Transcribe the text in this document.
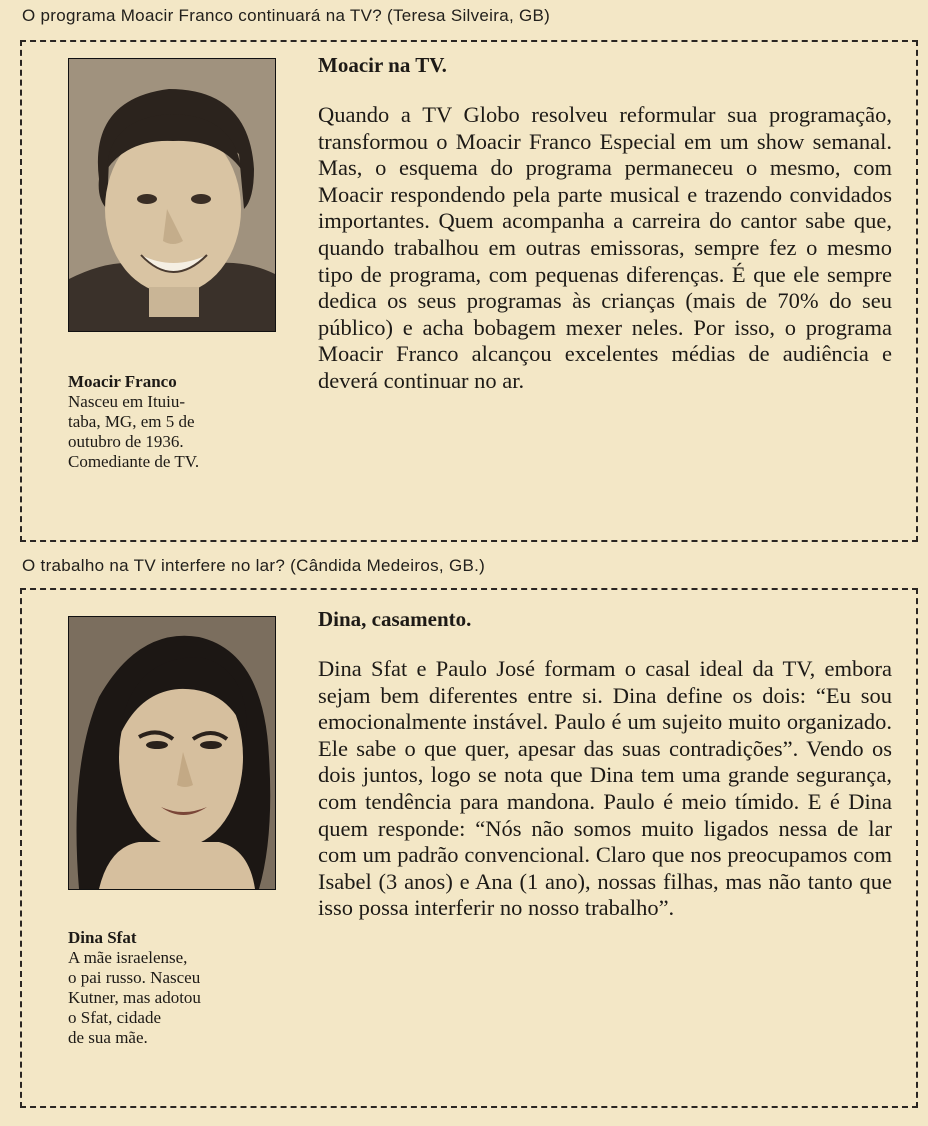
O programa Moacir Franco continuará na TV? (Teresa Silveira, GB)
Moacir Franco
Nasceu em Ituiu-
taba, MG, em 5 de
outubro de 1936.
Comediante de TV.
Moacir na TV.

Quando a TV Globo resolveu reformular sua programação, transformou o Moacir Franco Especial em um show semanal. Mas, o esquema do programa permaneceu o mesmo, com Moacir respondendo pela parte musical e trazendo convidados importantes. Quem acompanha a carreira do cantor sabe que, quando trabalhou em outras emissoras, sempre fez o mesmo tipo de programa, com pequenas diferenças. É que ele sempre dedica os seus programas às crianças (mais de 70% do seu público) e acha bobagem mexer neles. Por isso, o programa Moacir Franco alcançou excelentes médias de audiência e deverá continuar no ar.

O trabalho na TV interfere no lar? (Cândida Medeiros, GB.)
Dina Sfat
A mãe israelense,
o pai russo. Nasceu
Kutner, mas adotou
o Sfat, cidade
de sua mãe.
Dina, casamento.

Dina Sfat e Paulo José formam o casal ideal da TV, embora sejam bem diferentes entre si. Dina define os dois: “Eu sou emocionalmente instável. Paulo é um sujeito muito organizado. Ele sabe o que quer, apesar das suas contradições”. Vendo os dois juntos, logo se nota que Dina tem uma grande segurança, com tendência para mandona. Paulo é meio tímido. E é Dina quem responde: “Nós não somos muito ligados nessa de lar com um padrão convencional. Claro que nos preocupamos com Isabel (3 anos) e Ana (1 ano), nossas filhas, mas não tanto que isso possa interferir no nosso trabalho”.
